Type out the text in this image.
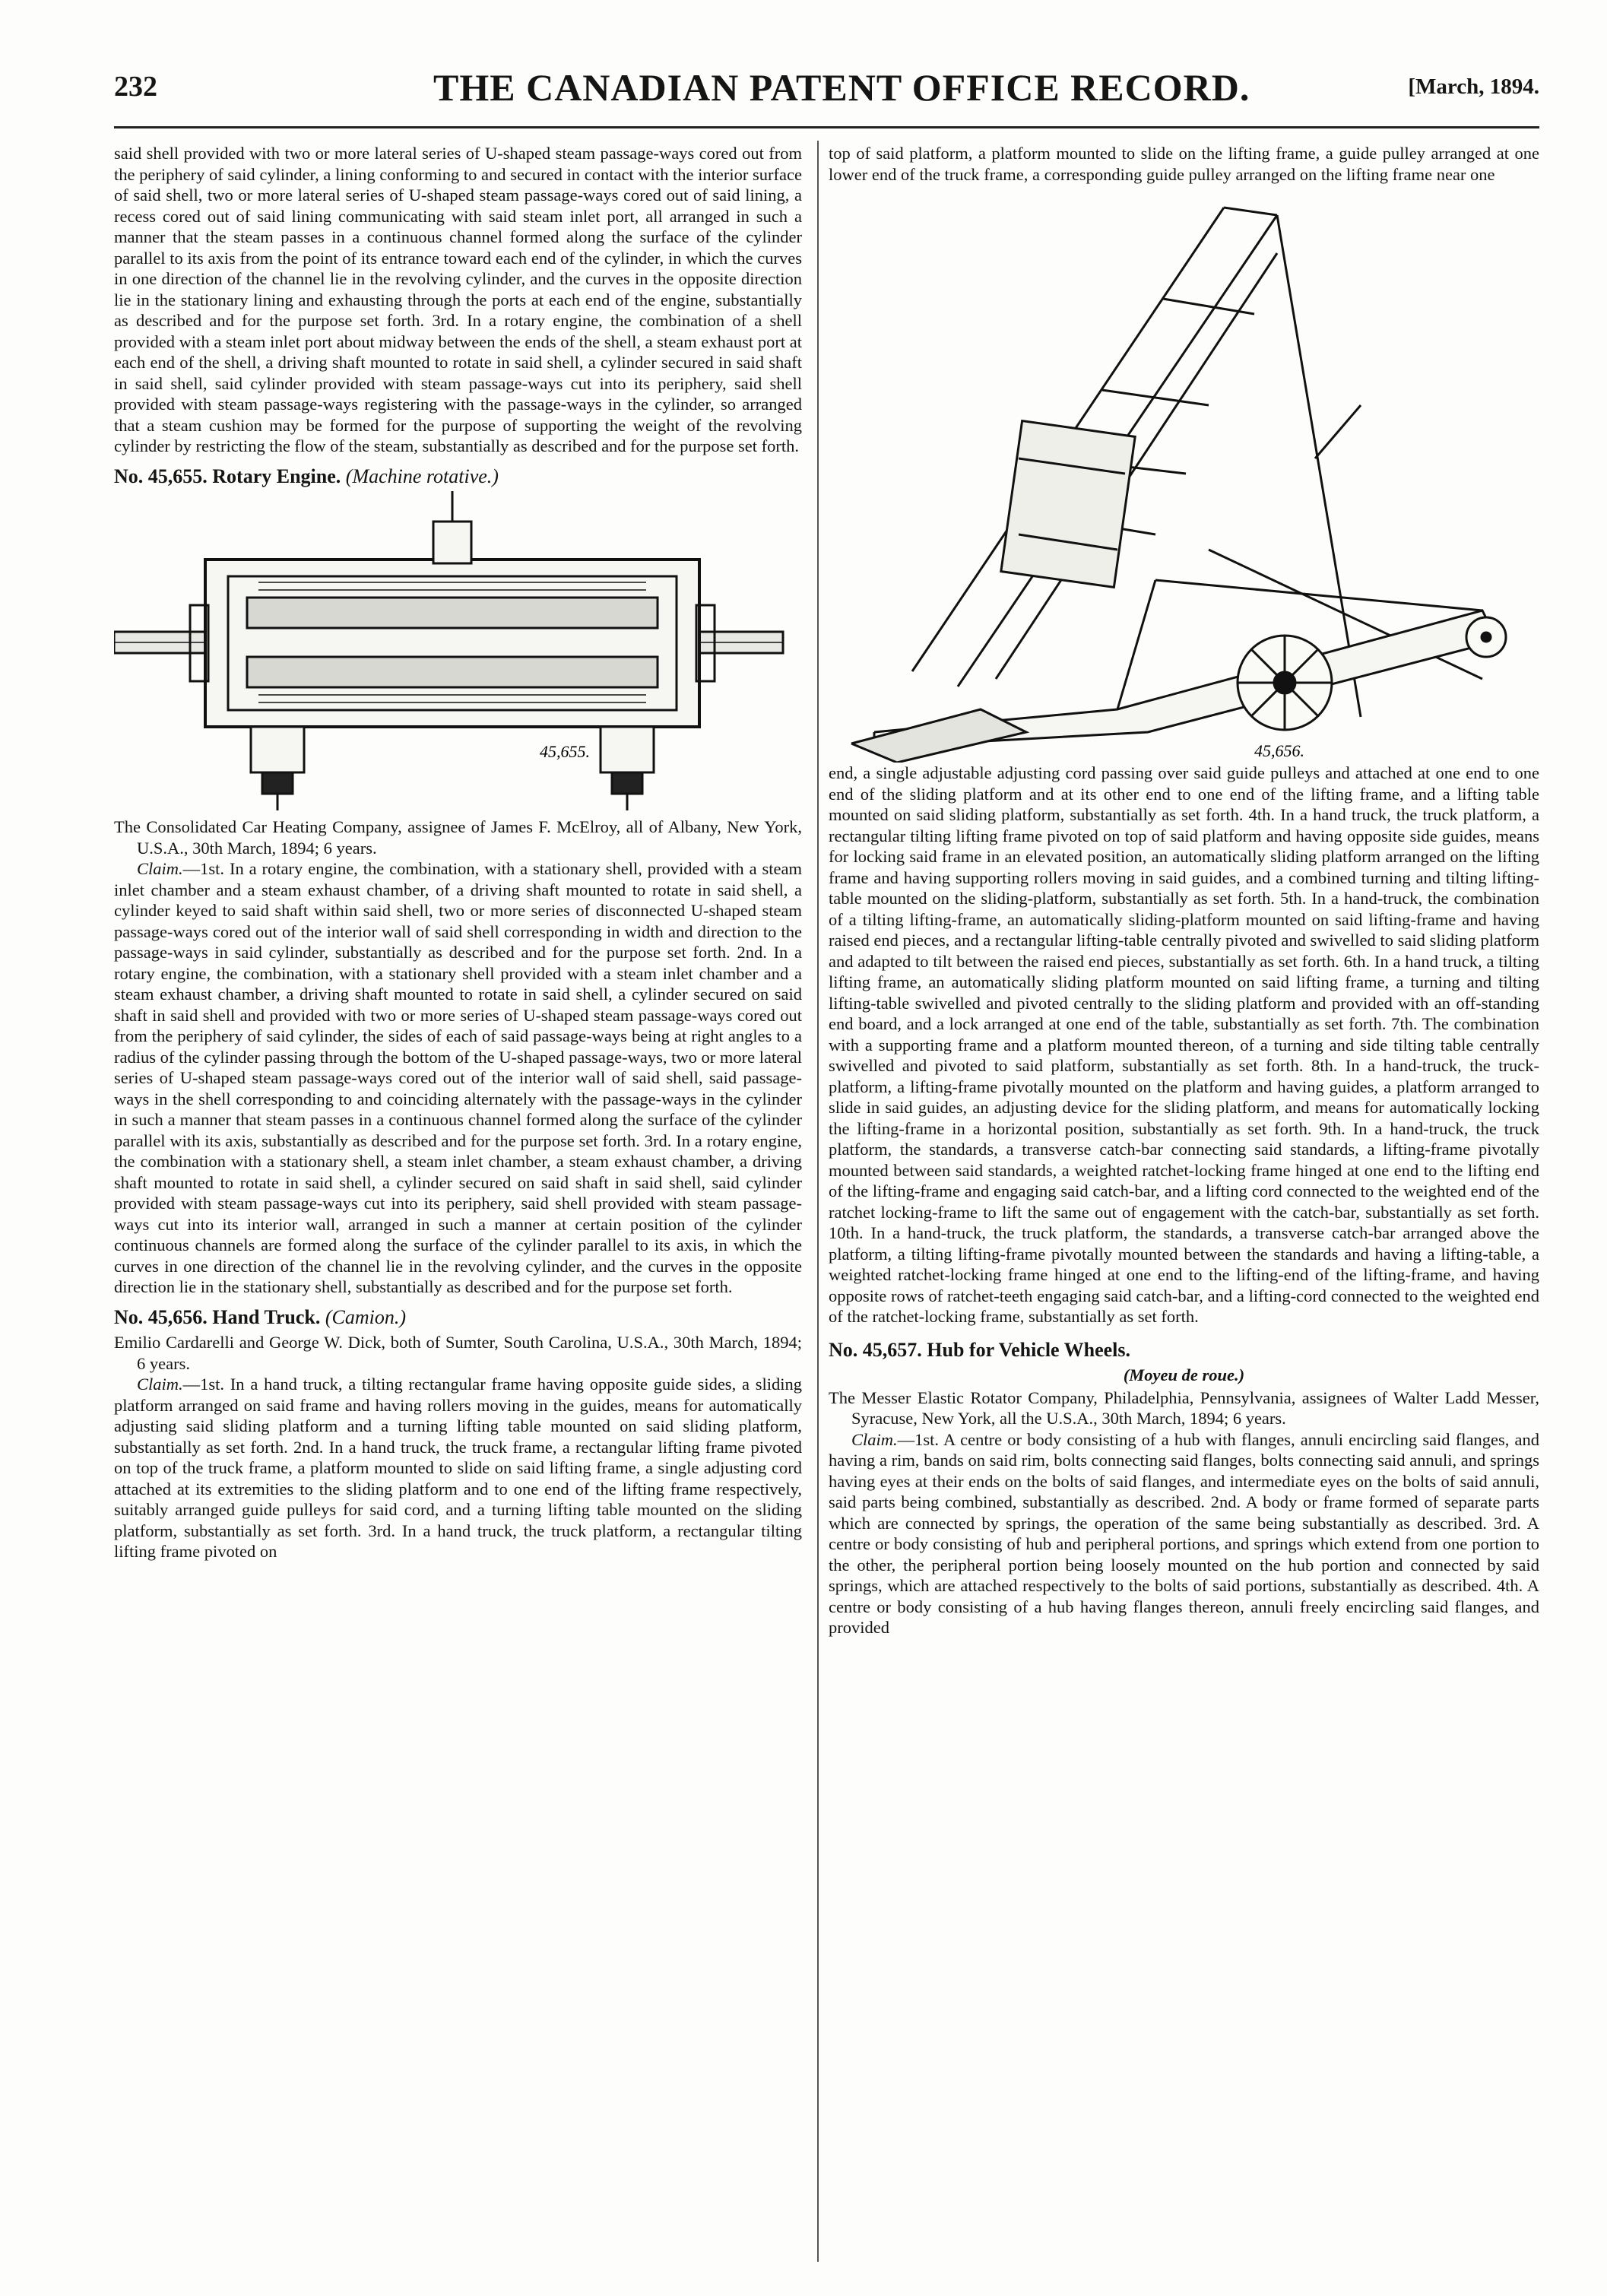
232	THE CANADIAN PATENT OFFICE RECORD.	[March, 1894.

said shell provided with two or more lateral series of U-shaped steam passage-ways cored out from the periphery of said cylinder, a lining conforming to and secured in contact with the interior surface of said shell, two or more lateral series of U-shaped steam passage-ways cored out of said lining, a recess cored out of said lining communicating with said steam inlet port, all arranged in such a manner that the steam passes in a continuous channel formed along the surface of the cylinder parallel to its axis from the point of its entrance toward each end of the cylinder, in which the curves in one direction of the channel lie in the revolving cylinder, and the curves in the opposite direction lie in the stationary lining and exhausting through the ports at each end of the engine, substantially as described and for the purpose set forth. 3rd. In a rotary engine, the combination of a shell provided with a steam inlet port about midway between the ends of the shell, a steam exhaust port at each end of the shell, a driving shaft mounted to rotate in said shell, a cylinder secured in said shaft in said shell, said cylinder provided with steam passage-ways cut into its periphery, said shell provided with steam passage-ways registering with the passage-ways in the cylinder, so arranged that a steam cushion may be formed for the purpose of supporting the weight of the revolving cylinder by restricting the flow of the steam, substantially as described and for the purpose set forth.

No. 45,655. Rotary Engine. (Machine rotative.)
45,655.

The Consolidated Car Heating Company, assignee of James F. McElroy, all of Albany, New York, U.S.A., 30th March, 1894; 6 years.

Claim.—1st. In a rotary engine, the combination, with a stationary shell, provided with a steam inlet chamber and a steam exhaust chamber, of a driving shaft mounted to rotate in said shell, a cylinder keyed to said shaft within said shell, two or more series of disconnected U-shaped steam passage-ways cored out of the interior wall of said shell corresponding in width and direction to the passage-ways in said cylinder, substantially as described and for the purpose set forth. 2nd. In a rotary engine, the combination, with a stationary shell provided with a steam inlet chamber and a steam exhaust chamber, a driving shaft mounted to rotate in said shell, a cylinder secured on said shaft in said shell and provided with two or more series of U-shaped steam passage-ways cored out from the periphery of said cylinder, the sides of each of said passage-ways being at right angles to a radius of the cylinder passing through the bottom of the U-shaped passage-ways, two or more lateral series of U-shaped steam passage-ways cored out of the interior wall of said shell, said passage-ways in the shell corresponding to and coinciding alternately with the passage-ways in the cylinder in such a manner that steam passes in a continuous channel formed along the surface of the cylinder parallel with its axis, substantially as described and for the purpose set forth. 3rd. In a rotary engine, the combination with a stationary shell, a steam inlet chamber, a steam exhaust chamber, a driving shaft mounted to rotate in said shell, a cylinder secured on said shaft in said shell, said cylinder provided with steam passage-ways cut into its periphery, said shell provided with steam passage-ways cut into its interior wall, arranged in such a manner at certain position of the cylinder continuous channels are formed along the surface of the cylinder parallel to its axis, in which the curves in one direction of the channel lie in the revolving cylinder, and the curves in the opposite direction lie in the stationary shell, substantially as described and for the purpose set forth.

No. 45,656. Hand Truck. (Camion.)

Emilio Cardarelli and George W. Dick, both of Sumter, South Carolina, U.S.A., 30th March, 1894; 6 years.

Claim.—1st. In a hand truck, a tilting rectangular frame having opposite guide sides, a sliding platform arranged on said frame and having rollers moving in the guides, means for automatically adjusting said sliding platform and a turning lifting table mounted on said sliding platform, substantially as set forth. 2nd. In a hand truck, the truck frame, a rectangular lifting frame pivoted on top of the truck frame, a platform mounted to slide on said lifting frame, a single adjusting cord attached at its extremities to the sliding platform and to one end of the lifting frame respectively, suitably arranged guide pulleys for said cord, and a turning lifting table mounted on the sliding platform, substantially as set forth. 3rd. In a hand truck, the truck platform, a rectangular tilting lifting frame pivoted on

top of said platform, a platform mounted to slide on the lifting frame, a guide pulley arranged at one lower end of the truck frame, a corresponding guide pulley arranged on the lifting frame near one

45,656.

end, a single adjustable adjusting cord passing over said guide pulleys and attached at one end to one end of the sliding platform and at its other end to one end of the lifting frame, and a lifting table mounted on said sliding platform, substantially as set forth. 4th. In a hand truck, the truck platform, a rectangular tilting lifting frame pivoted on top of said platform and having opposite side guides, means for locking said frame in an elevated position, an automatically sliding platform arranged on the lifting frame and having supporting rollers moving in said guides, and a combined turning and tilting lifting-table mounted on the sliding-platform, substantially as set forth. 5th. In a hand-truck, the combination of a tilting lifting-frame, an automatically sliding-platform mounted on said lifting-frame and having raised end pieces, and a rectangular lifting-table centrally pivoted and swivelled to said sliding platform and adapted to tilt between the raised end pieces, substantially as set forth. 6th. In a hand truck, a tilting lifting frame, an automatically sliding platform mounted on said lifting frame, a turning and tilting lifting-table swivelled and pivoted centrally to the sliding platform and provided with an off-standing end board, and a lock arranged at one end of the table, substantially as set forth. 7th. The combination with a supporting frame and a platform mounted thereon, of a turning and side tilting table centrally swivelled and pivoted to said platform, substantially as set forth. 8th. In a hand-truck, the truck-platform, a lifting-frame pivotally mounted on the platform and having guides, a platform arranged to slide in said guides, an adjusting device for the sliding platform, and means for automatically locking the lifting-frame in a horizontal position, substantially as set forth. 9th. In a hand-truck, the truck platform, the standards, a transverse catch-bar connecting said standards, a lifting-frame pivotally mounted between said standards, a weighted ratchet-locking frame hinged at one end to the lifting end of the lifting-frame and engaging said catch-bar, and a lifting cord connected to the weighted end of the ratchet locking-frame to lift the same out of engagement with the catch-bar, substantially as set forth. 10th. In a hand-truck, the truck platform, the standards, a transverse catch-bar arranged above the platform, a tilting lifting-frame pivotally mounted between the standards and having a lifting-table, a weighted ratchet-locking frame hinged at one end to the lifting-end of the lifting-frame, and having opposite rows of ratchet-teeth engaging said catch-bar, and a lifting-cord connected to the weighted end of the ratchet-locking frame, substantially as set forth.

No. 45,657. Hub for Vehicle Wheels.
(Moyeu de roue.)

The Messer Elastic Rotator Company, Philadelphia, Pennsylvania, assignees of Walter Ladd Messer, Syracuse, New York, all the U.S.A., 30th March, 1894; 6 years.

Claim.—1st. A centre or body consisting of a hub with flanges, annuli encircling said flanges, and having a rim, bands on said rim, bolts connecting said flanges, bolts connecting said annuli, and springs having eyes at their ends on the bolts of said flanges, and intermediate eyes on the bolts of said annuli, said parts being combined, substantially as described. 2nd. A body or frame formed of separate parts which are connected by springs, the operation of the same being substantially as described. 3rd. A centre or body consisting of hub and peripheral portions, and springs which extend from one portion to the other, the peripheral portion being loosely mounted on the hub portion and connected by said springs, which are attached respectively to the bolts of said portions, substantially as described. 4th. A centre or body consisting of a hub having flanges thereon, annuli freely encircling said flanges, and provided
